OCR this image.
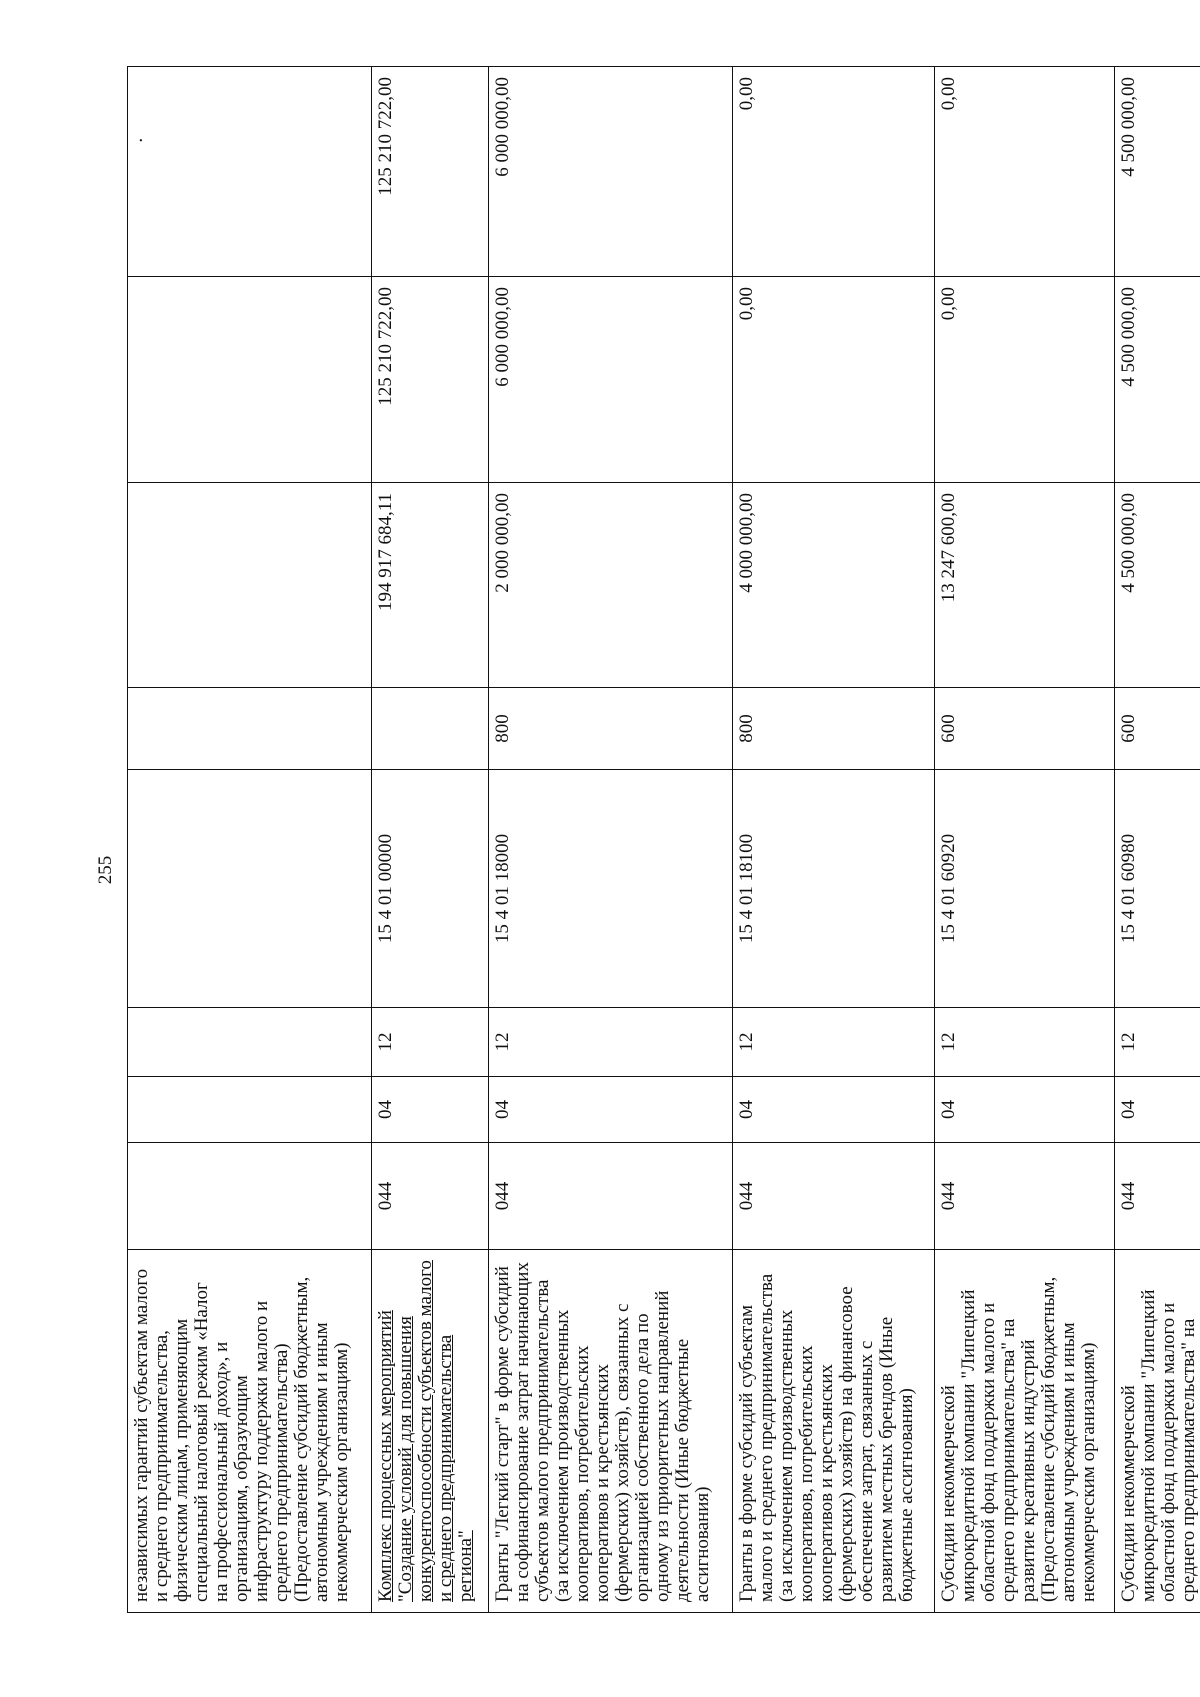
255
независимых гарантий субъектам малого и среднего предпринимательства, физическим лицам, применяющим специальный налоговый режим «Налог на профессиональный доход», и организациям, образующим инфраструктуру поддержки малого и среднего предпринимательства) (Предоставление субсидий бюджетным, автономным учреждениям и иным некоммерческим организациям)								·
Комплекс процессных мероприятий "Создание условий для повышения конкурентоспособности субъектов малого и среднего предпринимательства региона"	044	04	12	15 4 01 00000		194 917 684,11	125 210 722,00	125 210 722,00
Гранты "Легкий старт" в форме субсидий на софинансирование затрат начинающих субъектов малого предпринимательства (за исключением производственных кооперативов, потребительских кооперативов и крестьянских (фермерских) хозяйств), связанных с организацией собственного дела по одному из приоритетных направлений деятельности (Иные бюджетные ассигнования)	044	04	12	15 4 01 18000	800	2 000 000,00	6 000 000,00	6 000 000,00
Гранты в форме субсидий субъектам малого и среднего предпринимательства (за исключением производственных кооперативов, потребительских кооперативов и крестьянских (фермерских) хозяйств) на финансовое обеспечение затрат, связанных с развитием местных брендов (Иные бюджетные ассигнования)	044	04	12	15 4 01 18100	800	4 000 000,00	0,00	0,00
Субсидии некоммерческой микрокредитной компании "Липецкий областной фонд поддержки малого и среднего предпринимательства" на развитие креативных индустрий (Предоставление субсидий бюджетным, автономным учреждениям и иным некоммерческим организациям)	044	04	12	15 4 01 60920	600	13 247 600,00	0,00	0,00
Субсидии некоммерческой микрокредитной компании "Липецкий областной фонд поддержки малого и среднего предпринимательства" на	044	04	12	15 4 01 60980	600	4 500 000,00	4 500 000,00	4 500 000,00
